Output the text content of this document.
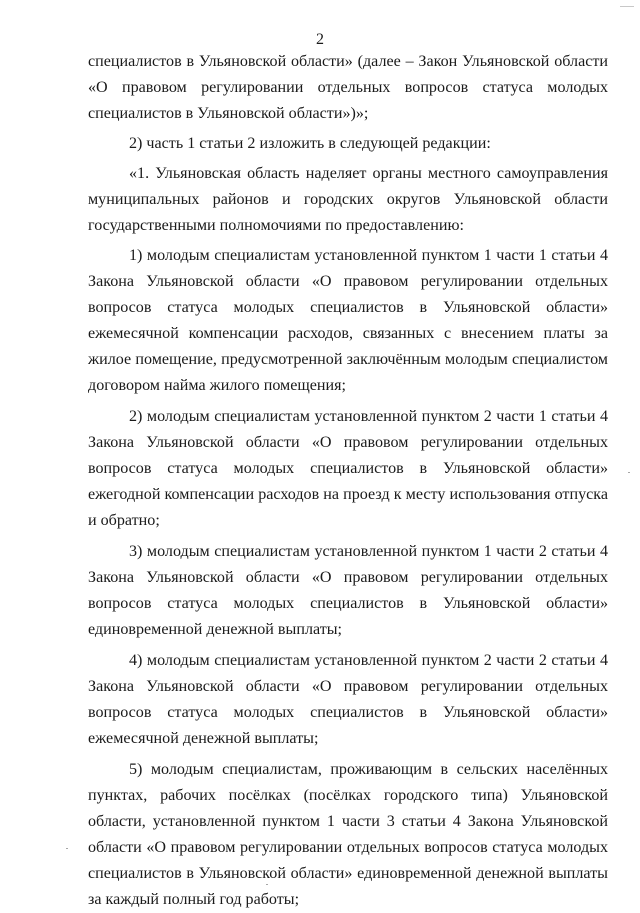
2

специалистов в Ульяновской области» (далее – Закон Ульяновской области «О правовом регулировании отдельных вопросов статуса молодых специалистов в Ульяновской области»)»;

2) часть 1 статьи 2 изложить в следующей редакции:

«1. Ульяновская область наделяет органы местного самоуправления муниципальных районов и городских округов Ульяновской области государственными полномочиями по предоставлению:

1) молодым специалистам установленной пунктом 1 части 1 статьи 4 Закона Ульяновской области «О правовом регулировании отдельных вопросов статуса молодых специалистов в Ульяновской области» ежемесячной компенсации расходов, связанных с внесением платы за жилое помещение, предусмотренной заключённым молодым специалистом договором найма жилого помещения;

2) молодым специалистам установленной пунктом 2 части 1 статьи 4 Закона Ульяновской области «О правовом регулировании отдельных вопросов статуса молодых специалистов в Ульяновской области» ежегодной компенсации расходов на проезд к месту использования отпуска и обратно;

3) молодым специалистам установленной пунктом 1 части 2 статьи 4 Закона Ульяновской области «О правовом регулировании отдельных вопросов статуса молодых специалистов в Ульяновской области» единовременной денежной выплаты;

4) молодым специалистам установленной пунктом 2 части 2 статьи 4 Закона Ульяновской области «О правовом регулировании отдельных вопросов статуса молодых специалистов в Ульяновской области» ежемесячной денежной выплаты;

5) молодым специалистам, проживающим в сельских населённых пунктах, рабочих посёлках (посёлках городского типа) Ульяновской области, установленной пунктом 1 части 3 статьи 4 Закона Ульяновской области «О правовом регулировании отдельных вопросов статуса молодых специалистов в Ульяновской области» единовременной денежной выплаты за каждый полный год работы;
